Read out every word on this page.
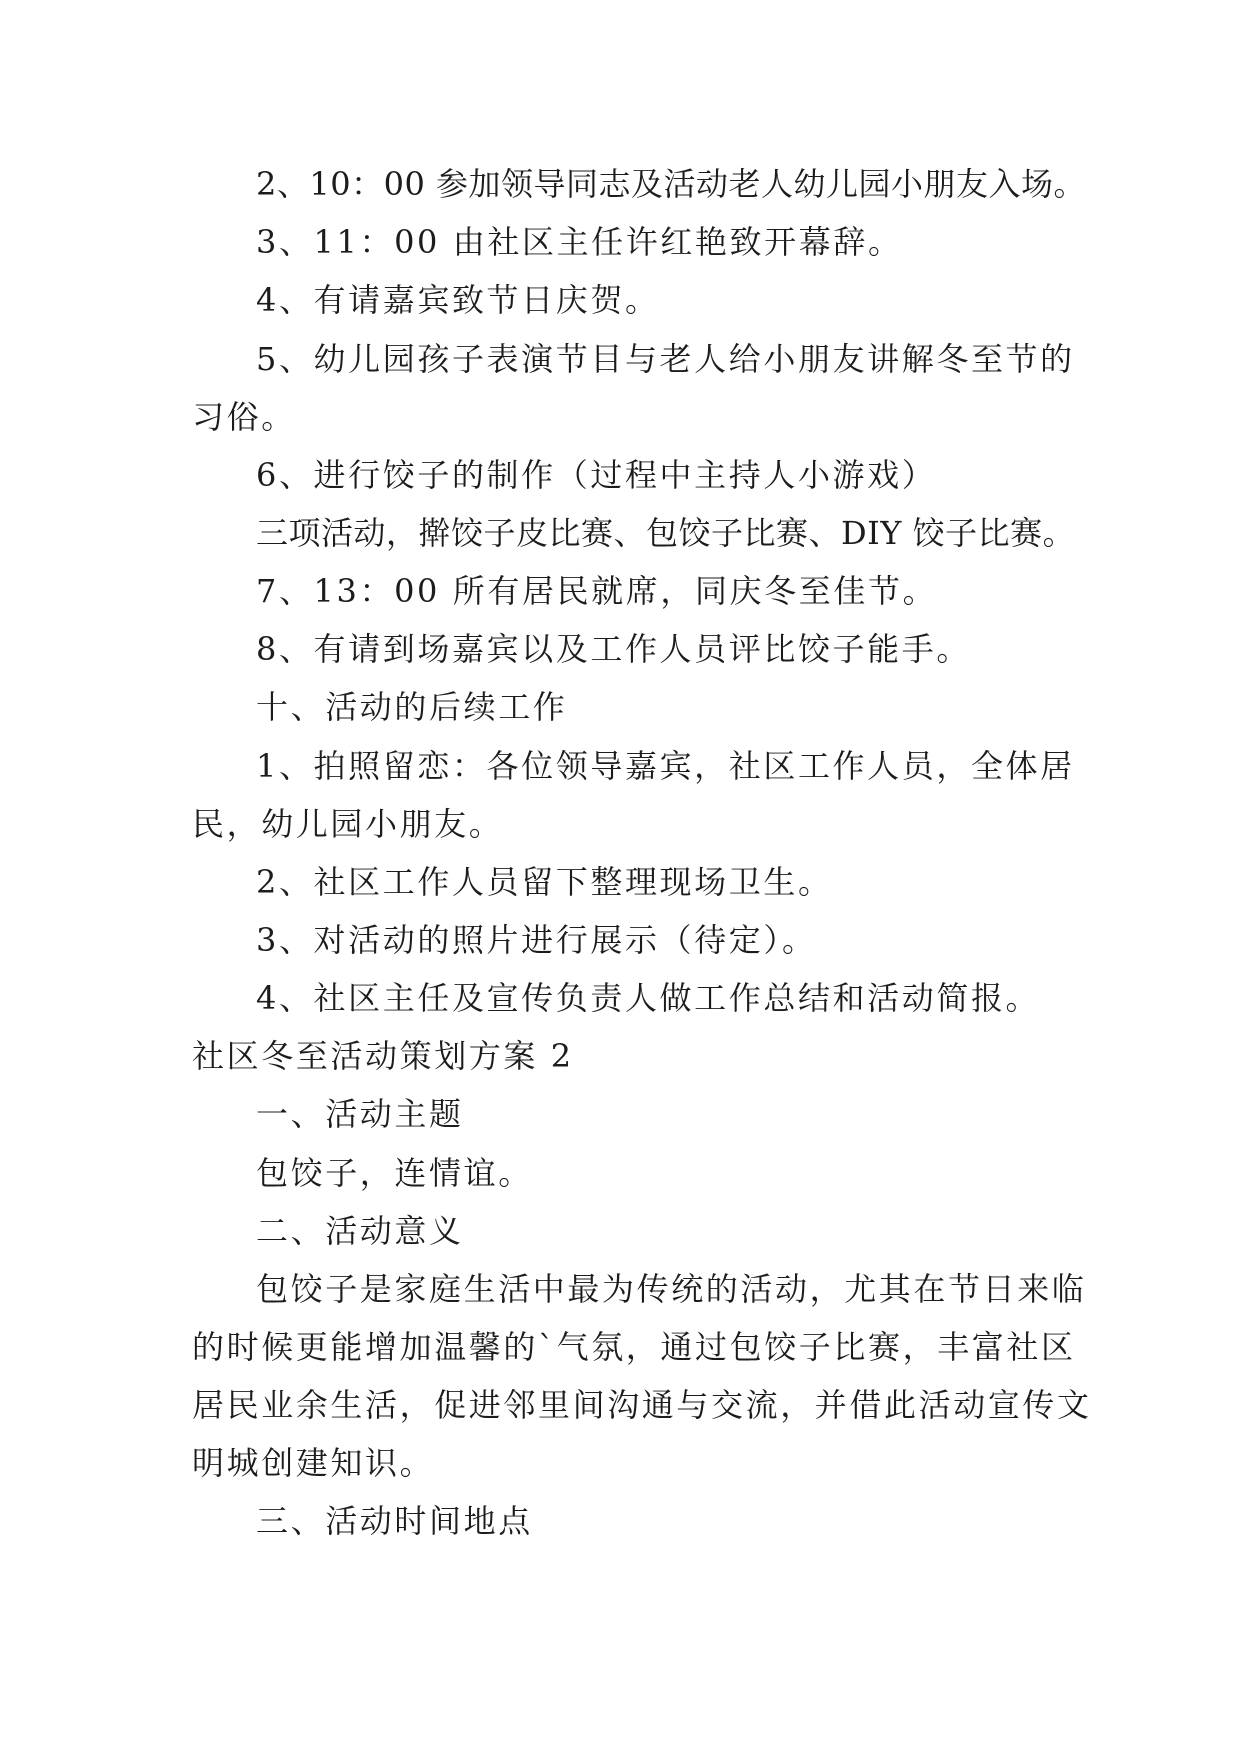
2、10：00 参加领导同志及活动老人幼儿园小朋友入场。
3、11：00 由社区主任许红艳致开幕辞。
4、有请嘉宾致节日庆贺。
5、幼儿园孩子表演节目与老人给小朋友讲解冬至节的
习俗。
6、进行饺子的制作（过程中主持人小游戏）
三项活动，擀饺子皮比赛、包饺子比赛、DIY 饺子比赛。
7、13：00 所有居民就席，同庆冬至佳节。
8、有请到场嘉宾以及工作人员评比饺子能手。
十、活动的后续工作
1、拍照留恋：各位领导嘉宾，社区工作人员，全体居
民，幼儿园小朋友。
2、社区工作人员留下整理现场卫生。
3、对活动的照片进行展示（待定）。
4、社区主任及宣传负责人做工作总结和活动简报。
社区冬至活动策划方案 2
一、活动主题
包饺子，连情谊。
二、活动意义
包饺子是家庭生活中最为传统的活动，尤其在节日来临
的时候更能增加温馨的`气氛，通过包饺子比赛，丰富社区
居民业余生活，促进邻里间沟通与交流，并借此活动宣传文
明城创建知识。
三、活动时间地点
